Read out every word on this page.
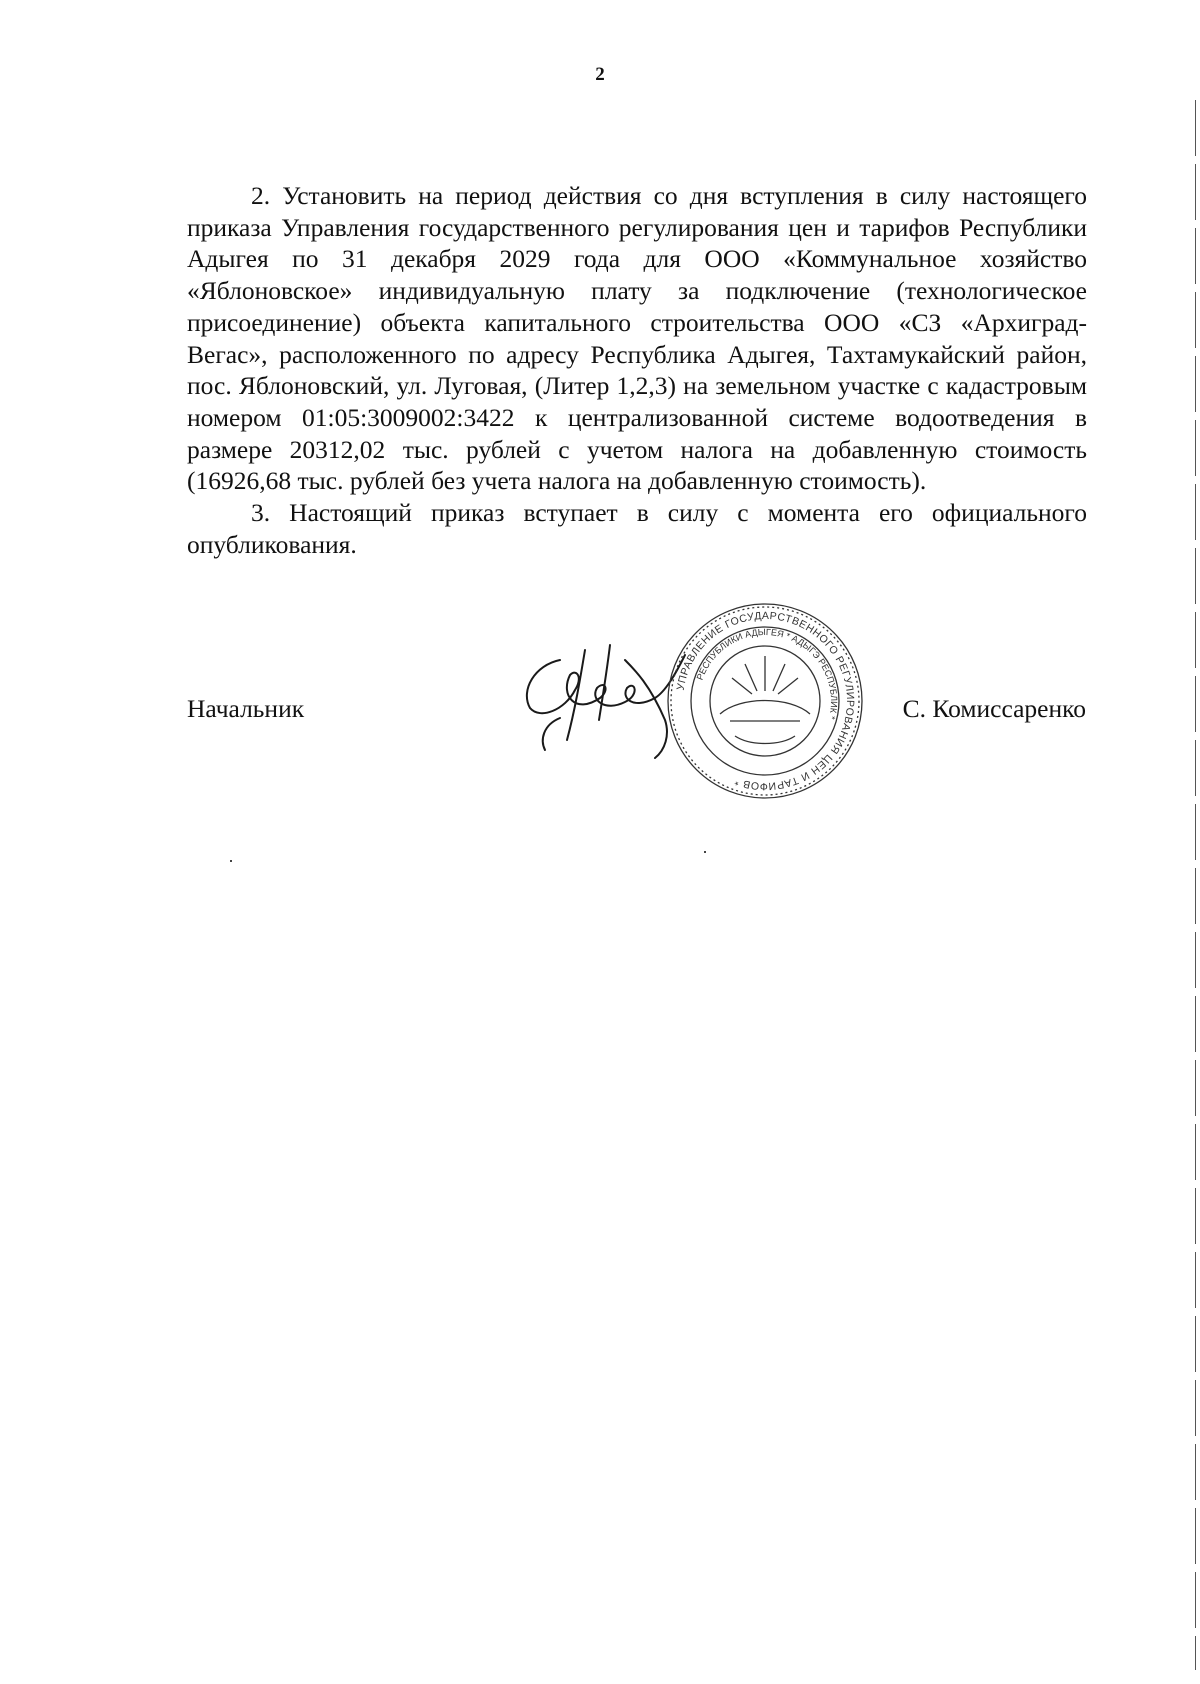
2

2. Установить на период действия со дня вступления в силу настоящего приказа Управления государственного регулирования цен и тарифов Республики Адыгея по 31 декабря 2029 года для ООО «Коммунальное хозяйство «Яблоновское» индивидуальную плату за подключение (технологическое присоединение) объекта капитального строительства ООО «СЗ «Архиград-Вегас», расположенного по адресу Республика Адыгея, Тахтамукайский район, пос. Яблоновский, ул. Луговая, (Литер 1,2,3) на земельном участке с кадастровым номером 01:05:3009002:3422 к централизованной системе водоотведения в размере 20312,02 тыс. рублей с учетом налога на добавленную стоимость (16926,68 тыс. рублей без учета налога на добавленную стоимость).

3. Настоящий приказ вступает в силу с момента его официального опубликования.

Начальник
УПРАВЛЕНИЕ ГОСУДАРСТВЕННОГО РЕГУЛИРОВАНИЯ ЦЕН И ТАРИФОВ *
РЕСПУБЛИКИ АДЫГЕЯ * АДЫГЭ РЕСПУБЛИК *	С. Комиссаренко
